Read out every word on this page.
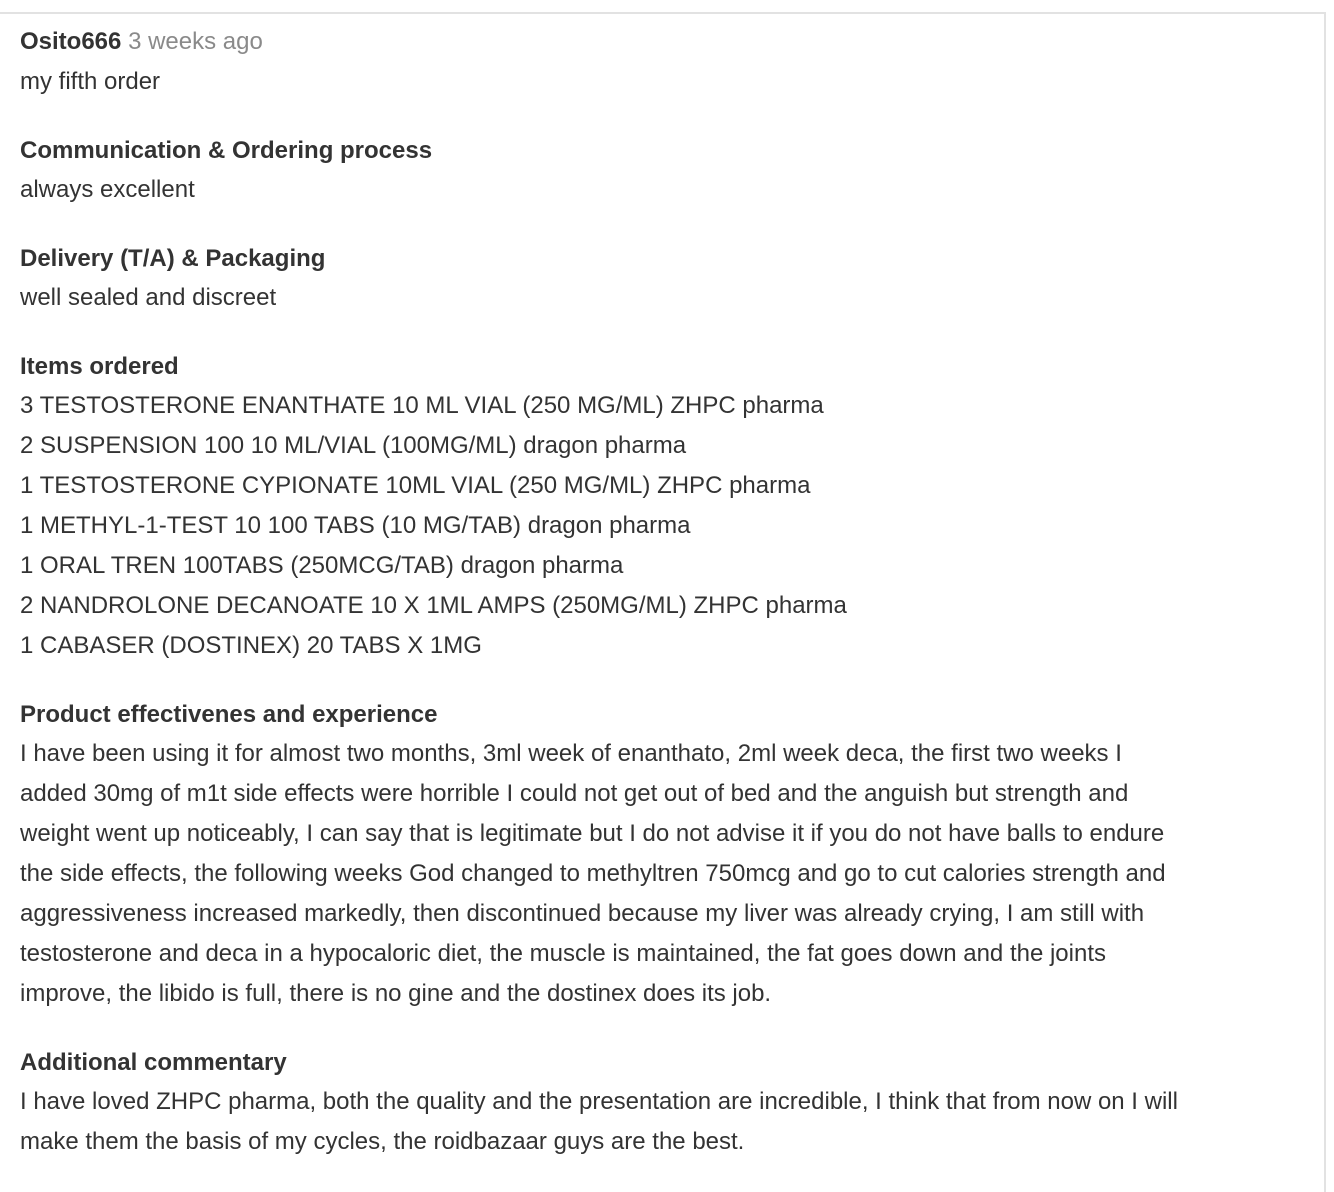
Osito666 3 weeks ago
my fifth order
Communication & Ordering process
always excellent
Delivery (T/A) & Packaging
well sealed and discreet
Items ordered
3 TESTOSTERONE ENANTHATE 10 ML VIAL (250 MG/ML) ZHPC pharma
2 SUSPENSION 100 10 ML/VIAL (100MG/ML) dragon pharma
1 TESTOSTERONE CYPIONATE 10ML VIAL (250 MG/ML) ZHPC pharma
1 METHYL-1-TEST 10 100 TABS (10 MG/TAB) dragon pharma
1 ORAL TREN 100TABS (250MCG/TAB) dragon pharma
2 NANDROLONE DECANOATE 10 X 1ML AMPS (250MG/ML) ZHPC pharma
1 CABASER (DOSTINEX) 20 TABS X 1MG
Product effectivenes and experience
I have been using it for almost two months, 3ml week of enanthato, 2ml week deca, the first two weeks I
added 30mg of m1t side effects were horrible I could not get out of bed and the anguish but strength and
weight went up noticeably, I can say that is legitimate but I do not advise it if you do not have balls to endure
the side effects, the following weeks God changed to methyltren 750mcg and go to cut calories strength and
aggressiveness increased markedly, then discontinued because my liver was already crying, I am still with
testosterone and deca in a hypocaloric diet, the muscle is maintained, the fat goes down and the joints
improve, the libido is full, there is no gine and the dostinex does its job.
Additional commentary
I have loved ZHPC pharma, both the quality and the presentation are incredible, I think that from now on I will
make them the basis of my cycles, the roidbazaar guys are the best.
